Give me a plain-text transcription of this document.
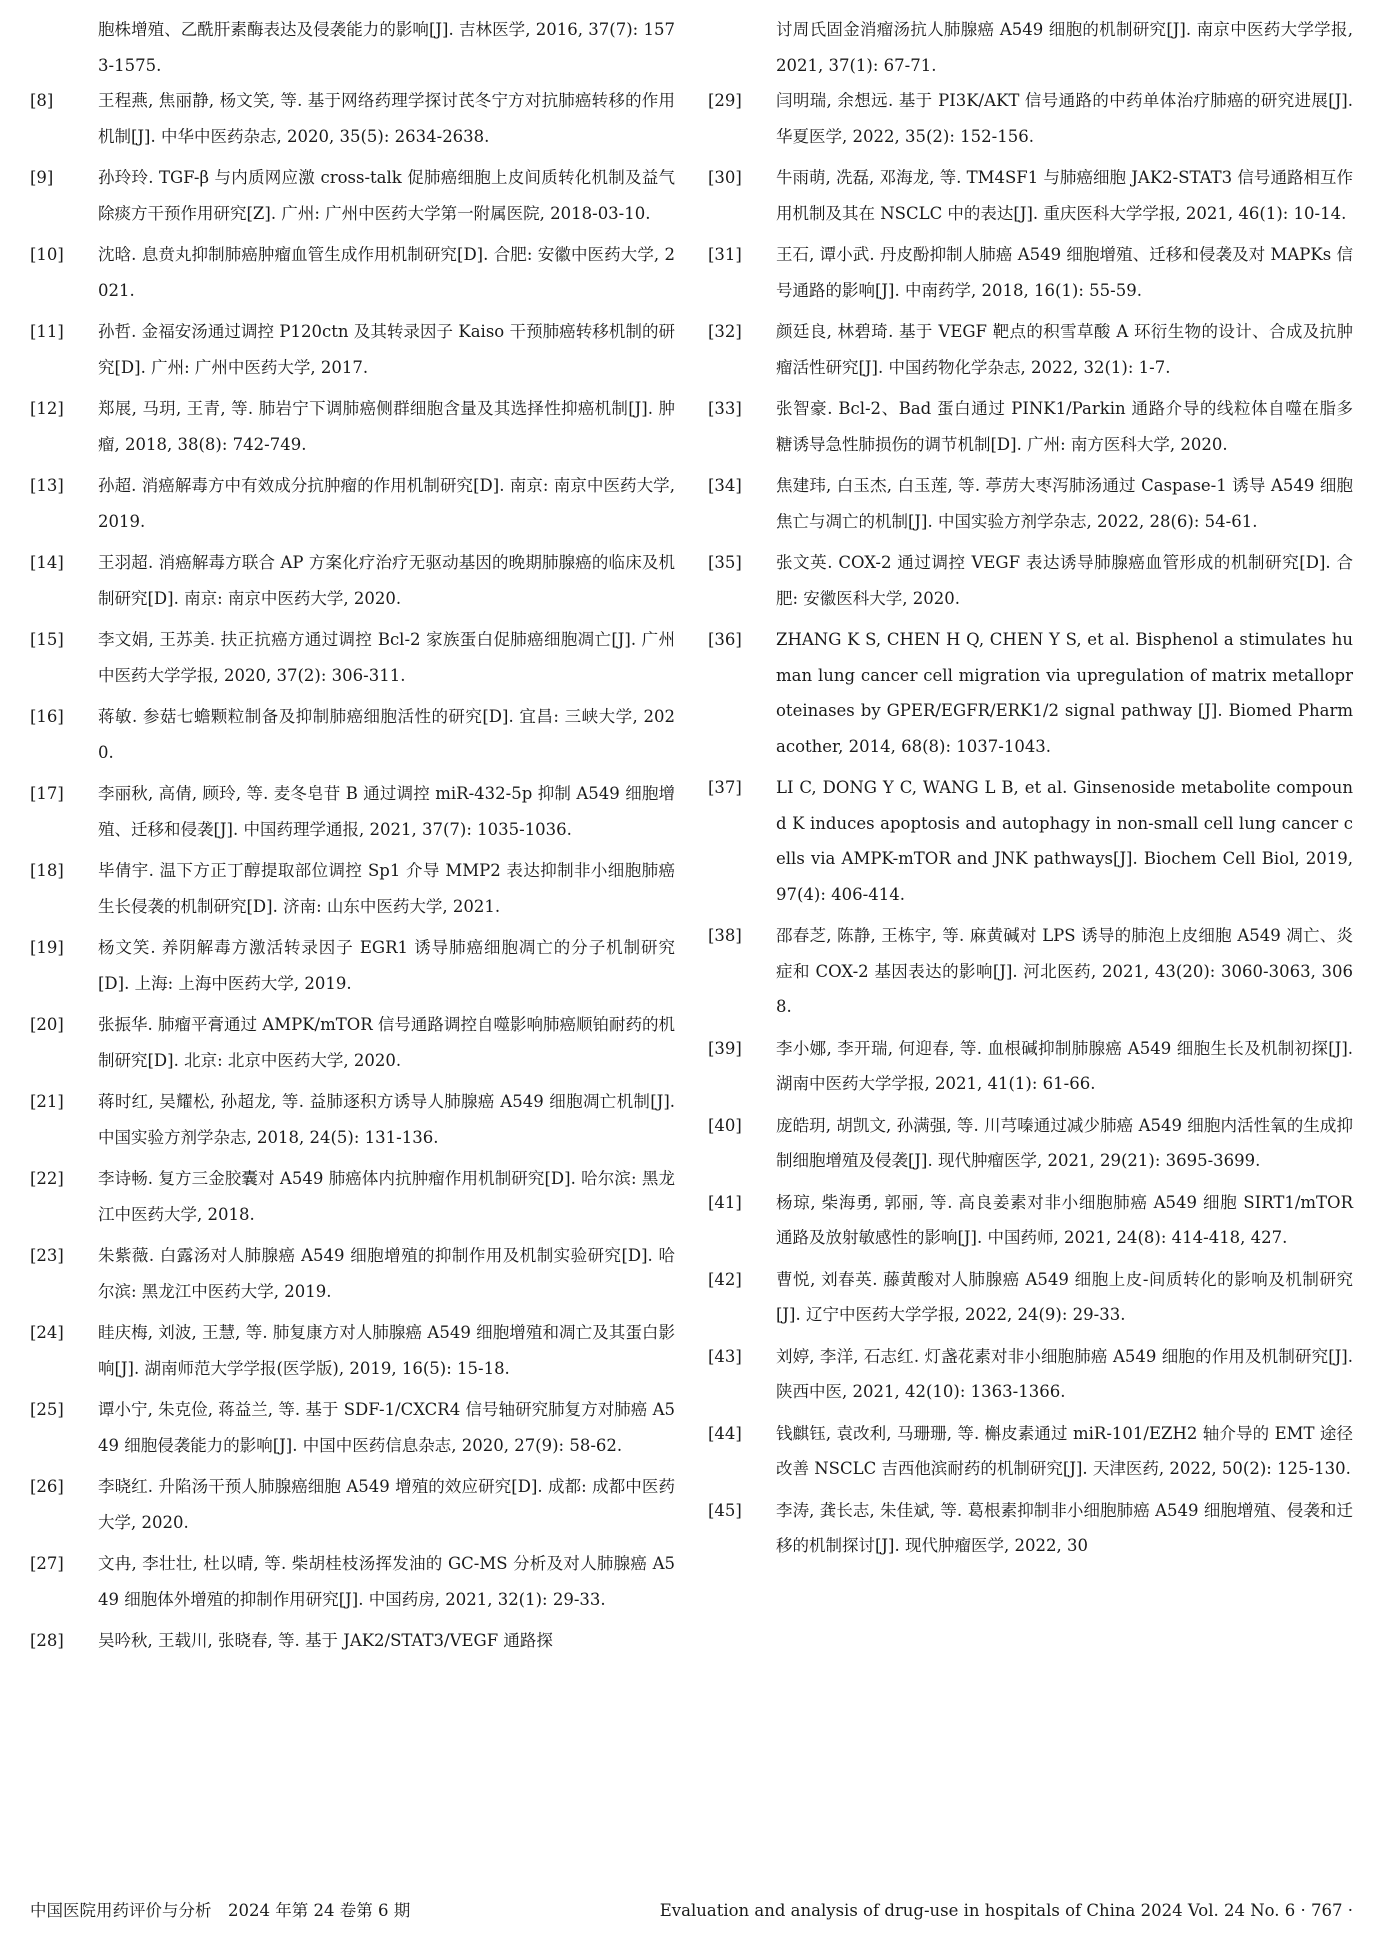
胞株增殖、乙酰肝素酶表达及侵袭能力的影响[J]. 吉林医学, 2016, 37(7): 1573-1575.
[8]	王程燕, 焦丽静, 杨文笑, 等. 基于网络药理学探讨芪冬宁方对抗肺癌转移的作用机制[J]. 中华中医药杂志, 2020, 35(5): 2634-2638.
[9]	孙玲玲. TGF-β 与内质网应激 cross-talk 促肺癌细胞上皮间质转化机制及益气除痰方干预作用研究[Z]. 广州: 广州中医药大学第一附属医院, 2018-03-10.
[10]	沈晗. 息贲丸抑制肺癌肿瘤血管生成作用机制研究[D]. 合肥: 安徽中医药大学, 2021.
[11]	孙哲. 金福安汤通过调控 P120ctn 及其转录因子 Kaiso 干预肺癌转移机制的研究[D]. 广州: 广州中医药大学, 2017.
[12]	郑展, 马玥, 王青, 等. 肺岩宁下调肺癌侧群细胞含量及其选择性抑癌机制[J]. 肿瘤, 2018, 38(8): 742-749.
[13]	孙超. 消癌解毒方中有效成分抗肿瘤的作用机制研究[D]. 南京: 南京中医药大学, 2019.
[14]	王羽超. 消癌解毒方联合 AP 方案化疗治疗无驱动基因的晚期肺腺癌的临床及机制研究[D]. 南京: 南京中医药大学, 2020.
[15]	李文娟, 王苏美. 扶正抗癌方通过调控 Bcl-2 家族蛋白促肺癌细胞凋亡[J]. 广州中医药大学学报, 2020, 37(2): 306-311.
[16]	蒋敏. 参菇七蟾颗粒制备及抑制肺癌细胞活性的研究[D]. 宜昌: 三峡大学, 2020.
[17]	李丽秋, 高倩, 顾玲, 等. 麦冬皂苷 B 通过调控 miR-432-5p 抑制 A549 细胞增殖、迁移和侵袭[J]. 中国药理学通报, 2021, 37(7): 1035-1036.
[18]	毕倩宇. 温下方正丁醇提取部位调控 Sp1 介导 MMP2 表达抑制非小细胞肺癌生长侵袭的机制研究[D]. 济南: 山东中医药大学, 2021.
[19]	杨文笑. 养阴解毒方激活转录因子 EGR1 诱导肺癌细胞凋亡的分子机制研究[D]. 上海: 上海中医药大学, 2019.
[20]	张振华. 肺瘤平膏通过 AMPK/mTOR 信号通路调控自噬影响肺癌顺铂耐药的机制研究[D]. 北京: 北京中医药大学, 2020.
[21]	蒋时红, 吴耀松, 孙超龙, 等. 益肺逐积方诱导人肺腺癌 A549 细胞凋亡机制[J]. 中国实验方剂学杂志, 2018, 24(5): 131-136.
[22]	李诗畅. 复方三金胶囊对 A549 肺癌体内抗肿瘤作用机制研究[D]. 哈尔滨: 黑龙江中医药大学, 2018.
[23]	朱紫薇. 白露汤对人肺腺癌 A549 细胞增殖的抑制作用及机制实验研究[D]. 哈尔滨: 黑龙江中医药大学, 2019.
[24]	眭庆梅, 刘波, 王慧, 等. 肺复康方对人肺腺癌 A549 细胞增殖和凋亡及其蛋白影响[J]. 湖南师范大学学报(医学版), 2019, 16(5): 15-18.
[25]	谭小宁, 朱克俭, 蒋益兰, 等. 基于 SDF-1/CXCR4 信号轴研究肺复方对肺癌 A549 细胞侵袭能力的影响[J]. 中国中医药信息杂志, 2020, 27(9): 58-62.
[26]	李晓红. 升陷汤干预人肺腺癌细胞 A549 增殖的效应研究[D]. 成都: 成都中医药大学, 2020.
[27]	文冉, 李壮壮, 杜以晴, 等. 柴胡桂枝汤挥发油的 GC-MS 分析及对人肺腺癌 A549 细胞体外增殖的抑制作用研究[J]. 中国药房, 2021, 32(1): 29-33.
[28]	吴吟秋, 王载川, 张晓春, 等. 基于 JAK2/STAT3/VEGF 通路探
讨周氏固金消瘤汤抗人肺腺癌 A549 细胞的机制研究[J]. 南京中医药大学学报, 2021, 37(1): 67-71.
[29]	闫明瑞, 余想远. 基于 PI3K/AKT 信号通路的中药单体治疗肺癌的研究进展[J]. 华夏医学, 2022, 35(2): 152-156.
[30]	牛雨萌, 冼磊, 邓海龙, 等. TM4SF1 与肺癌细胞 JAK2-STAT3 信号通路相互作用机制及其在 NSCLC 中的表达[J]. 重庆医科大学学报, 2021, 46(1): 10-14.
[31]	王石, 谭小武. 丹皮酚抑制人肺癌 A549 细胞增殖、迁移和侵袭及对 MAPKs 信号通路的影响[J]. 中南药学, 2018, 16(1): 55-59.
[32]	颜廷良, 林碧琦. 基于 VEGF 靶点的积雪草酸 A 环衍生物的设计、合成及抗肿瘤活性研究[J]. 中国药物化学杂志, 2022, 32(1): 1-7.
[33]	张智豪. Bcl-2、Bad 蛋白通过 PINK1/Parkin 通路介导的线粒体自噬在脂多糖诱导急性肺损伤的调节机制[D]. 广州: 南方医科大学, 2020.
[34]	焦建玮, 白玉杰, 白玉莲, 等. 葶苈大枣泻肺汤通过 Caspase-1 诱导 A549 细胞焦亡与凋亡的机制[J]. 中国实验方剂学杂志, 2022, 28(6): 54-61.
[35]	张文英. COX-2 通过调控 VEGF 表达诱导肺腺癌血管形成的机制研究[D]. 合肥: 安徽医科大学, 2020.
[36]	ZHANG K S, CHEN H Q, CHEN Y S, et al. Bisphenol a stimulates human lung cancer cell migration via upregulation of matrix metalloproteinases by GPER/EGFR/ERK1/2 signal pathway [J]. Biomed Pharmacother, 2014, 68(8): 1037-1043.
[37]	LI C, DONG Y C, WANG L B, et al. Ginsenoside metabolite compound K induces apoptosis and autophagy in non-small cell lung cancer cells via AMPK-mTOR and JNK pathways[J]. Biochem Cell Biol, 2019, 97(4): 406-414.
[38]	邵春芝, 陈静, 王栋宇, 等. 麻黄碱对 LPS 诱导的肺泡上皮细胞 A549 凋亡、炎症和 COX-2 基因表达的影响[J]. 河北医药, 2021, 43(20): 3060-3063, 3068.
[39]	李小娜, 李开瑞, 何迎春, 等. 血根碱抑制肺腺癌 A549 细胞生长及机制初探[J]. 湖南中医药大学学报, 2021, 41(1): 61-66.
[40]	庞皓玥, 胡凯文, 孙满强, 等. 川芎嗪通过减少肺癌 A549 细胞内活性氧的生成抑制细胞增殖及侵袭[J]. 现代肿瘤医学, 2021, 29(21): 3695-3699.
[41]	杨琼, 柴海勇, 郭丽, 等. 高良姜素对非小细胞肺癌 A549 细胞 SIRT1/mTOR 通路及放射敏感性的影响[J]. 中国药师, 2021, 24(8): 414-418, 427.
[42]	曹悦, 刘春英. 藤黄酸对人肺腺癌 A549 细胞上皮-间质转化的影响及机制研究[J]. 辽宁中医药大学学报, 2022, 24(9): 29-33.
[43]	刘婷, 李洋, 石志红. 灯盏花素对非小细胞肺癌 A549 细胞的作用及机制研究[J]. 陕西中医, 2021, 42(10): 1363-1366.
[44]	钱麒钰, 袁改利, 马珊珊, 等. 槲皮素通过 miR-101/EZH2 轴介导的 EMT 途径改善 NSCLC 吉西他滨耐药的机制研究[J]. 天津医药, 2022, 50(2): 125-130.
[45]	李涛, 龚长志, 朱佳斌, 等. 葛根素抑制非小细胞肺癌 A549 细胞增殖、侵袭和迁移的机制探讨[J]. 现代肿瘤医学, 2022, 30
中国医院用药评价与分析　2024 年第 24 卷第 6 期	Evaluation and analysis of drug-use in hospitals of China 2024 Vol. 24 No. 6 · 767 ·
